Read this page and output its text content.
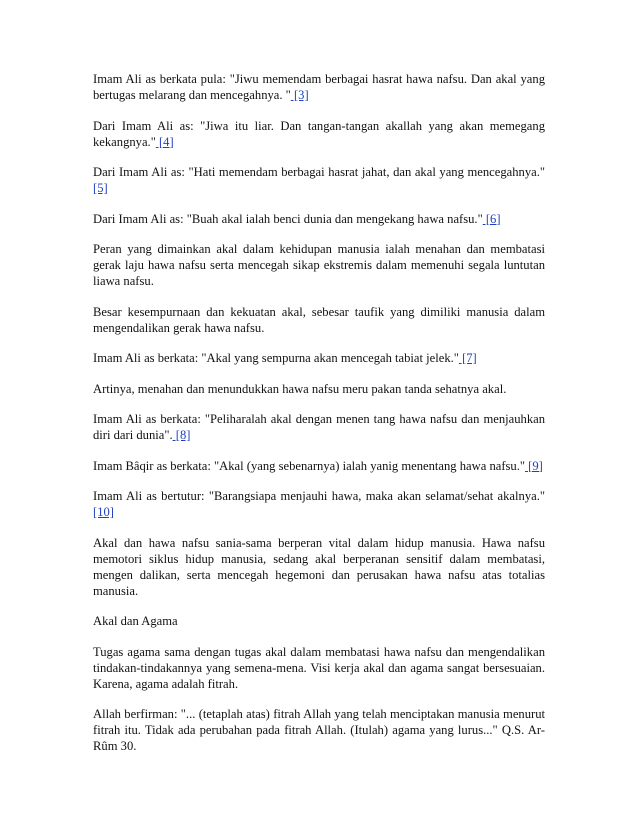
Imam Ali as berkata pula: "Jiwu memendam berbagai hasrat hawa nafsu. Dan akal yang bertugas melarang dan mencegahnya. " [3]

Dari Imam Ali as: "Jiwa itu liar. Dan tangan-tangan akallah yang akan memegang kekangnya." [4]

Dari Imam Ali as: "Hati memendam berbagai hasrat jahat, dan akal yang mencegahnya." [5]

Dari Imam Ali as: "Buah akal ialah benci dunia dan mengekang hawa nafsu." [6]

Peran yang dimainkan akal dalam kehidupan manusia ialah menahan dan membatasi gerak laju hawa nafsu serta mencegah sikap ekstremis dalam memenuhi segala luntutan liawa nafsu.

Besar kesempurnaan dan kekuatan akal, sebesar taufik yang dimiliki manusia dalam mengendalikan gerak hawa nafsu.

Imam Ali as berkata: "Akal yang sempurna akan mencegah tabiat jelek." [7]

Artinya, menahan dan menundukkan hawa nafsu meru pakan tanda sehatnya akal.

Imam Ali as berkata: "Peliharalah akal dengan menen tang hawa nafsu dan menjauhkan diri dari dunia". [8]

Imam Bâqir as berkata: "Akal (yang sebenarnya) ialah yanig menentang hawa nafsu." [9]

Imam Ali as bertutur: "Barangsiapa menjauhi hawa, maka akan selamat/sehat akalnya." [10]

Akal dan hawa nafsu sania-sama berperan vital dalam hidup manusia. Hawa nafsu memotori siklus hidup manusia, sedang akal berperanan sensitif dalam membatasi, mengen dalikan, serta mencegah hegemoni dan perusakan hawa nafsu atas totalias manusia.

Akal dan Agama

Tugas agama sama dengan tugas akal dalam membatasi hawa nafsu dan mengendalikan tindakan-tindakannya yang semena-mena. Visi kerja akal dan agama sangat bersesuaian. Karena, agama adalah fitrah.

Allah berfirman: "... (tetaplah atas) fitrah Allah yang telah menciptakan manusia menurut fitrah itu. Tidak ada perubahan pada fitrah Allah. (Itulah) agama yang lurus..." Q.S. Ar-Rûm 30.
